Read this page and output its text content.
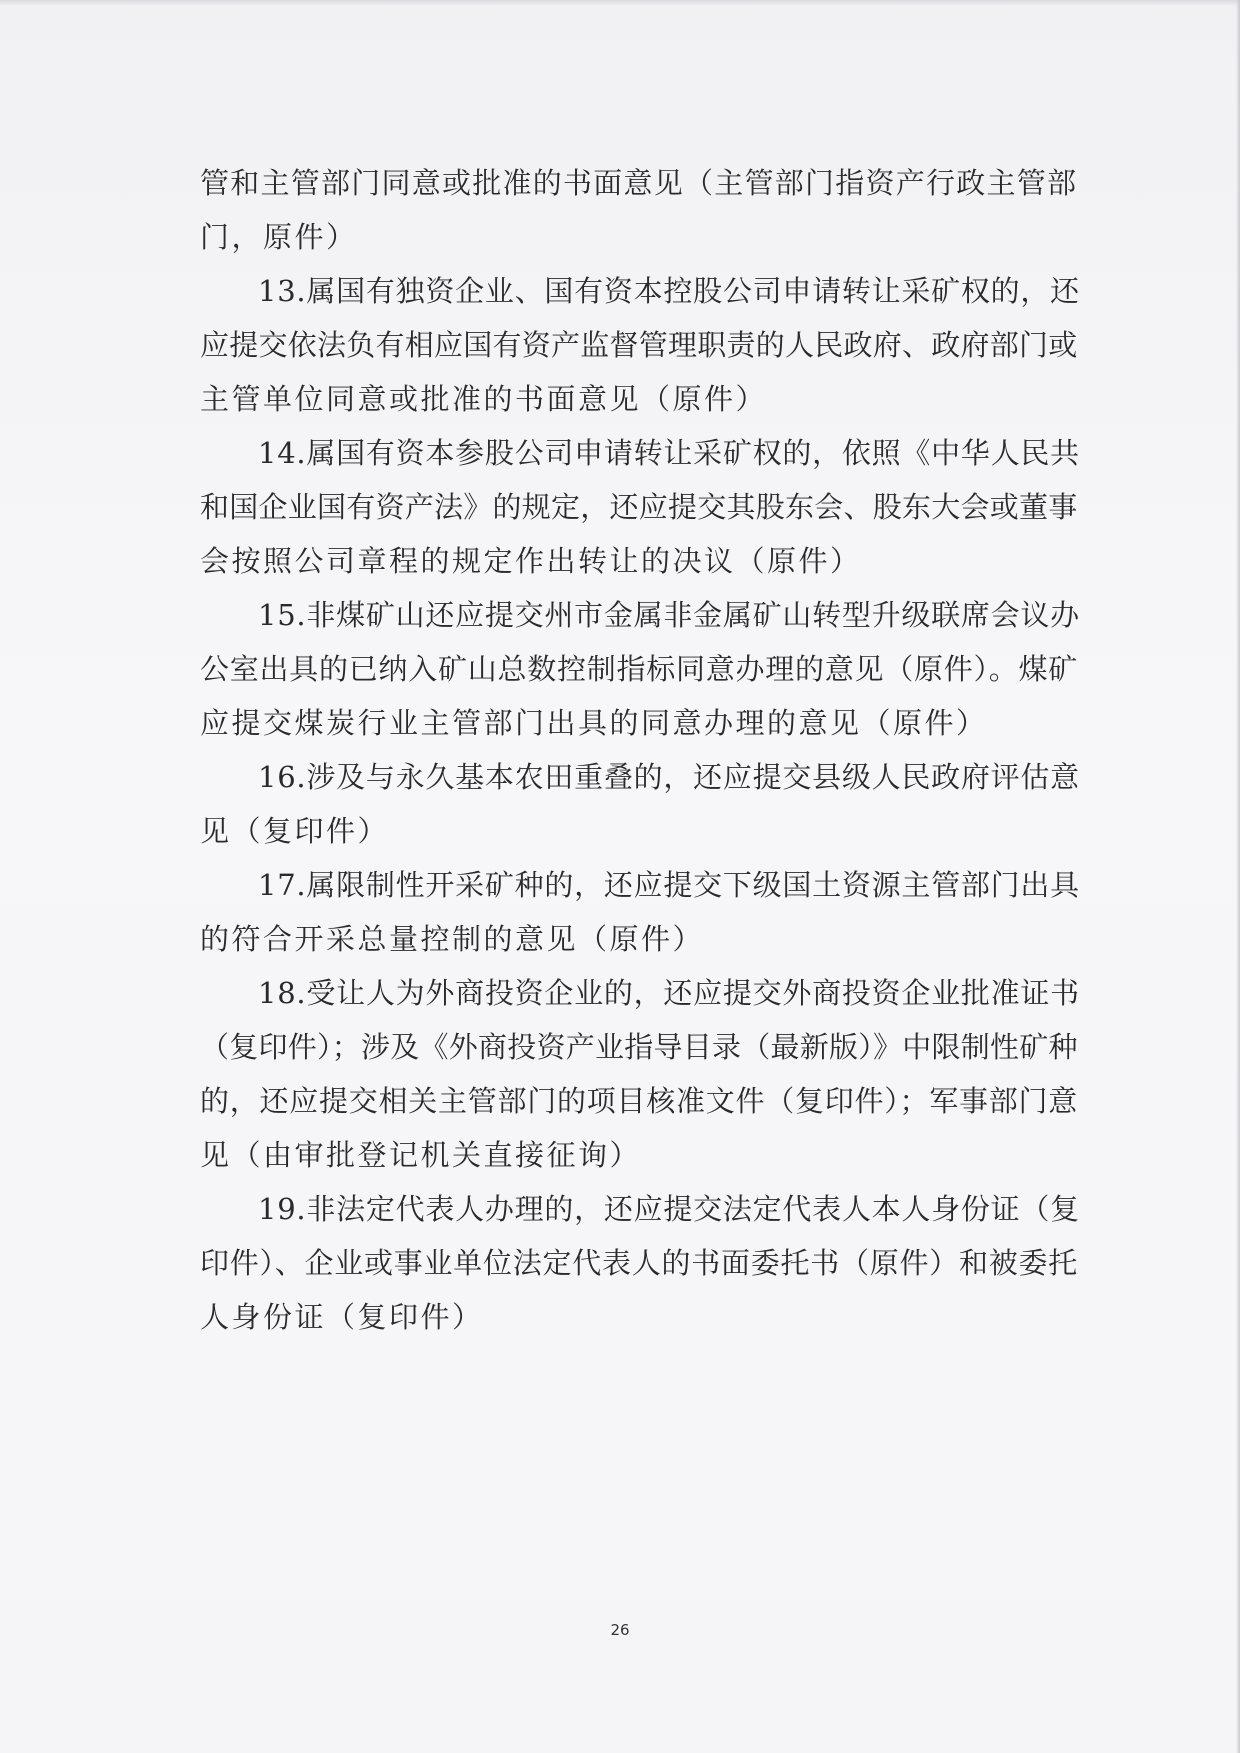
管和主管部门同意或批准的书面意见（主管部门指资产行政主管部
门，原件）
13.属国有独资企业、国有资本控股公司申请转让采矿权的，还
应提交依法负有相应国有资产监督管理职责的人民政府、政府部门或
主管单位同意或批准的书面意见（原件）
14.属国有资本参股公司申请转让采矿权的，依照《中华人民共
和国企业国有资产法》的规定，还应提交其股东会、股东大会或董事
会按照公司章程的规定作出转让的决议（原件）
15.非煤矿山还应提交州市金属非金属矿山转型升级联席会议办
公室出具的已纳入矿山总数控制指标同意办理的意见（原件）。煤矿
应提交煤炭行业主管部门出具的同意办理的意见（原件）
16.涉及与永久基本农田重叠的，还应提交县级人民政府评估意
见（复印件）
17.属限制性开采矿种的，还应提交下级国土资源主管部门出具
的符合开采总量控制的意见（原件）
18.受让人为外商投资企业的，还应提交外商投资企业批准证书
（复印件）；涉及《外商投资产业指导目录（最新版）》中限制性矿种
的，还应提交相关主管部门的项目核准文件（复印件）；军事部门意
见（由审批登记机关直接征询）
19.非法定代表人办理的，还应提交法定代表人本人身份证（复
印件）、企业或事业单位法定代表人的书面委托书（原件）和被委托
人身份证（复印件）
26
